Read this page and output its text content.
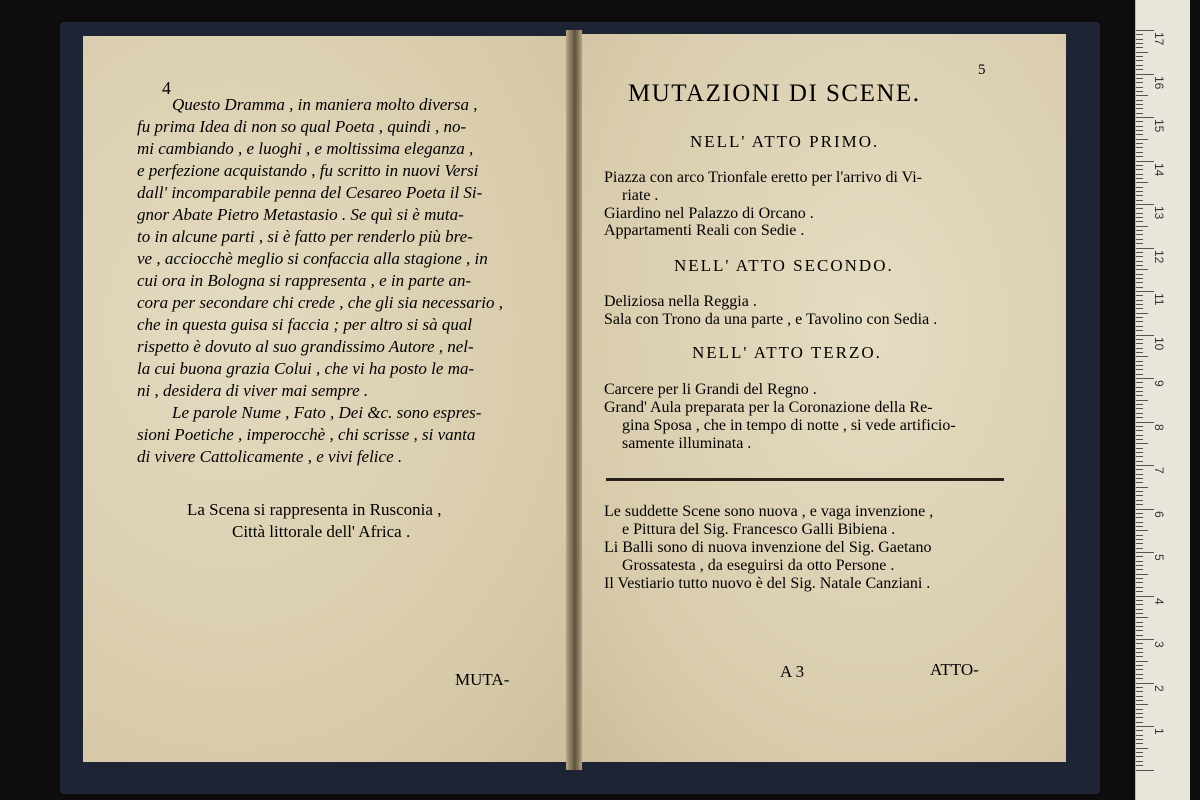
4
Questo Dramma , in maniera molto diversa ,
fu prima Idea di non so qual Poeta , quindi , no-
mi cambiando , e luoghi , e moltissima eleganza ,
e perfezione acquistando , fu scritto in nuovi Versi
dall' incomparabile penna del Cesareo Poeta il Si-
gnor Abate Pietro Metastasio . Se quì si è muta-
to in alcune parti , si è fatto per renderlo più bre-
ve , acciocchè meglio si confaccia alla stagione , in
cui ora in Bologna si rappresenta , e in parte an-
cora per secondare chi crede , che gli sia necessario ,
che in questa guisa si faccia ; per altro si sà qual
rispetto è dovuto al suo grandissimo Autore , nel-
la cui buona grazia Colui , che vi ha posto le ma-
ni , desidera di viver mai sempre .
Le parole Nume , Fato , Dei &c. sono espres-
sioni Poetiche , imperocchè , chi scrisse , si vanta
di vivere Cattolicamente , e vivi felice .
La Scena si rappresenta in Rusconia ,
Città littorale dell' Africa .
MUTA-
MUTAZIONI DI SCENE.
5
NELL' ATTO PRIMO.
Piazza con arco Trionfale eretto per l'arrivo di Vi-
riate .
Giardino nel Palazzo di Orcano .
Appartamenti Reali con Sedie .
NELL' ATTO SECONDO.
Deliziosa nella Reggia .
Sala con Trono da una parte , e Tavolino con Sedia .
NELL' ATTO TERZO.
Carcere per li Grandi del Regno .
Grand' Aula preparata per la Coronazione della Re-
gina Sposa , che in tempo di notte , si vede artificio-
samente illuminata .
Le suddette Scene sono nuova , e vaga invenzione ,
e Pittura del Sig. Francesco Galli Bibiena .
Li Balli sono di nuova invenzione del Sig. Gaetano
Grossatesta , da eseguirsi da otto Persone .
Il Vestiario tutto nuovo è del Sig. Natale Canziani .
A 3	ATTO-
17
16
15
14
13
12
11
10
9
8
7
6
5
4
3
2
1
